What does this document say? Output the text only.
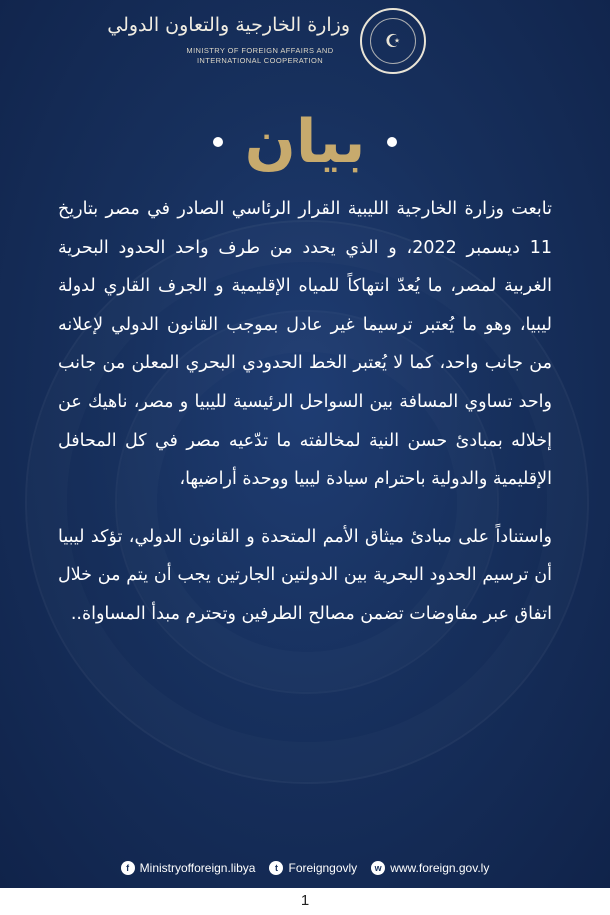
☪
وزارة الخارجية والتعاون الدولي
MINISTRY OF FOREIGN AFFAIRS AND
INTERNATIONAL COOPERATION
بيان

تابعت وزارة الخارجية الليبية القرار الرئاسي الصادر في مصر بتاريخ 11 ديسمبر 2022، و الذي يحدد من طرف واحد الحدود البحرية الغربية لمصر، ما يُعدّ انتهاكاً للمياه الإقليمية و الجرف القاري لدولة ليبيا، وهو ما يُعتبر ترسيما غير عادل بموجب القانون الدولي لإعلانه من جانب واحد، كما لا يُعتبر الخط الحدودي البحري المعلن من جانب واحد تساوي المسافة بين السواحل الرئيسية لليبيا و مصر، ناهيك عن إخلاله بمبادئ حسن النية لمخالفته ما تدّعيه مصر في كل المحافل الإقليمية والدولية باحترام سيادة ليبيا ووحدة أراضيها،

واستناداً على مبادئ ميثاق الأمم المتحدة و القانون الدولي، تؤكد ليبيا أن ترسيم الحدود البحرية بين الدولتين الجارتين يجب أن يتم من خلال اتفاق عبر مفاوضات تضمن مصالح الطرفين وتحترم مبدأ المساواة..

f Ministryofforeign.libya	t Foreigngovly	w www.foreign.gov.ly
1
